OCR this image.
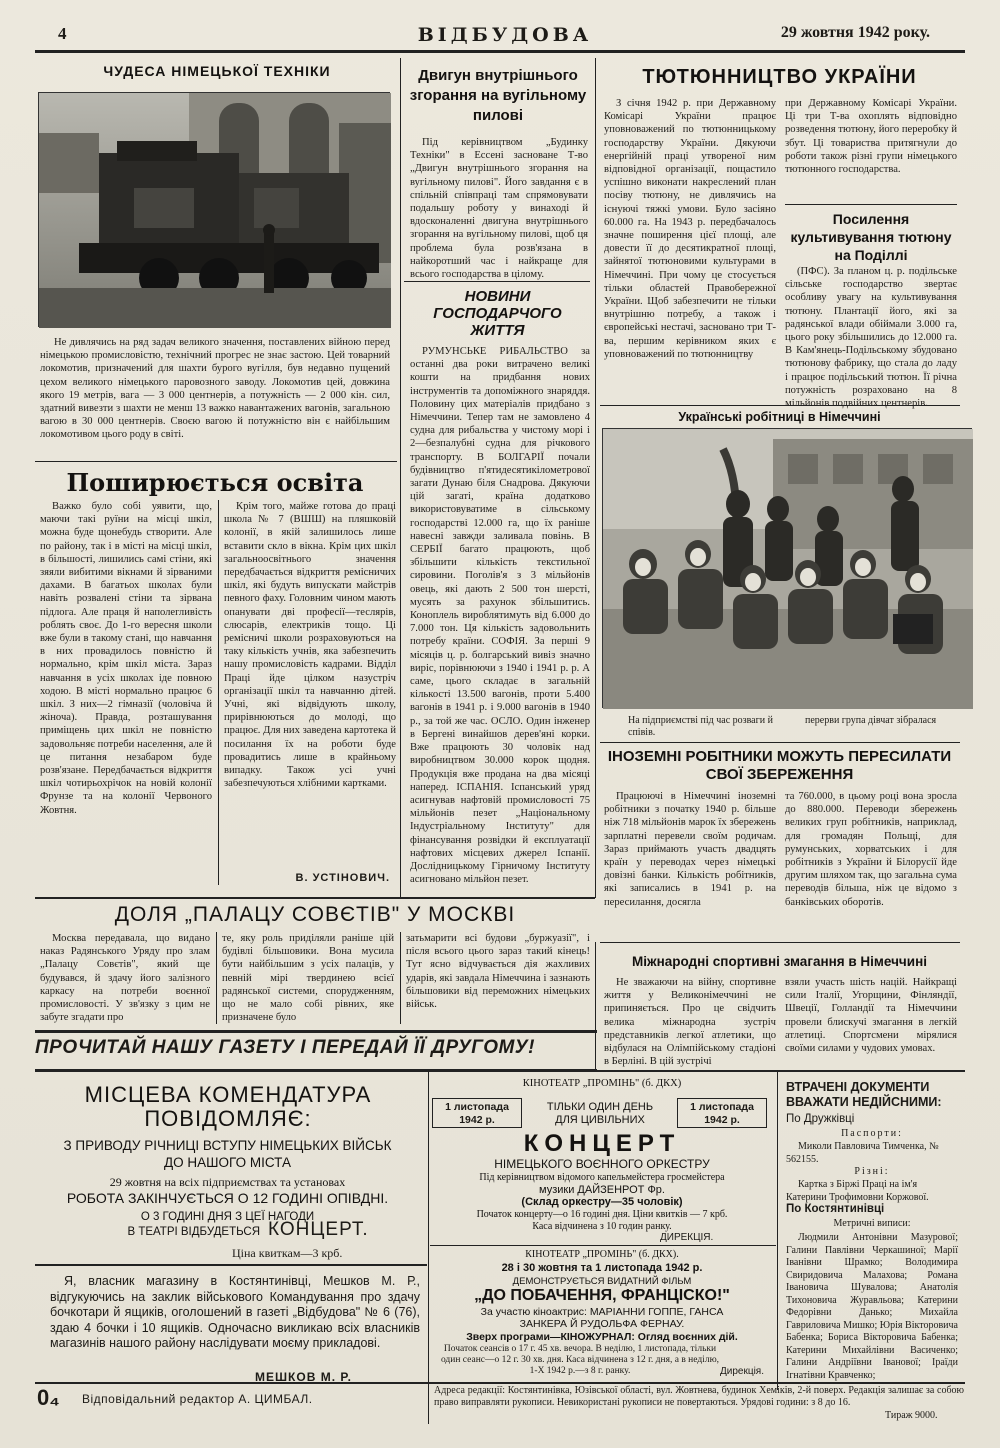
4	ВІДБУДОВА	29 жовтня 1942 року.
ЧУДЕСА НІМЕЦЬКОЇ ТЕХНІКИ
Не дивлячись на ряд задач великого значення, поставлених війною перед німецькою промисловістю, технічний прогрес не знає застою. Цей товарний локомотив, призначений для шахти бурого вугілля, був недавно пущений цехом великого німецького паровозного заводу. Локомотив цей, довжина якого 19 метрів, вага — 3 000 центнерів, а потужність — 2 000 кін. сил, здатний вивезти з шахти не менш 13 важко навантажених вагонів, загальною вагою в 30 000 центнерів. Своєю вагою й потужністю він є найбільшим локомотивом цього роду в світі.
Двигун внутрішнього згорання на вугільному пилові
Під керівництвом „Будинку Техніки" в Ессені засноване Т-во „Двигун внутрішнього згорання на вугільному пилові". Його завдання є в спільній співпраці там спрямовувати подальшу роботу у винаході й вдосконаленні двигуна внутрішнього згорання на вугільному пилові, щоб ця проблема була розв'язана в найкоротший час і найкраще для всього господарства в цілому.
НОВИНИ ГОСПОДАРЧОГО ЖИТТЯ
РУМУНСЬКЕ РИБАЛЬСТВО за останні два роки витрачено великі кошти на придбання нових інструментів та допоміжного знаряддя. Половину цих матеріалів придбано з Німеччини. Тепер там не замовлено 4 судна для рибальства у чистому морі і 2—безпалубні судна для річкового транспорту. В БОЛГАРІЇ почали будівництво п'ятидесятикілометрової загати Дунаю біля Снадрова. Дякуючи цій загаті, країна додатково використовуватиме в сільському господарстві 12.000 га, що їх раніше навесні завжди заливала повінь. В СЕРБІЇ багато працюють, щоб збільшити кількість текстильної сировини. Поголів'я з 3 мільйонів овець, які дають 2 500 тон шерсті, мусять за рахунок збільшитись. Коноплель вироблятимуть від 6.000 до 7.000 тон. Ця кількість задовольнить потребу країни. СОФІЯ. За перші 9 місяців ц. р. болгарський вивіз значно виріс, порівнюючи з 1940 і 1941 р. р. А саме, цього складає в загальній кількості 13.500 вагонів, проти 5.400 вагонів в 1941 р. і 9.000 вагонів в 1940 р., за той же час. ОСЛО. Один інженер в Бергені винайшов дерев'яні корки. Вже працюють 30 чоловік над виробництвом 30.000 корок щодня. Продукція вже продана на два місяці наперед. ІСПАНІЯ. Іспанський уряд асигнував нафтовій промисловості 75 мільйонів пезет „Національному Індустріальному Інституту" для фінансування розвідки й експлуатації нафтових місцевих джерел Іспанії. Дослідницькому Гірничому Інституту асигновано мільйон пезет.
ТЮТЮННИЦТВО УКРАЇНИ
З січня 1942 р. при Державному Комісарі України працює уповноважений по тютюнницькому господарству України. Дякуючи енергійній праці утвореної ним відповідної організації, пощастило успішно виконати накреслений план посіву тютюну, не дивлячись на існуючі тяжкі умови. Було засіяно 60.000 га. На 1943 р. передбачалось значне поширення цієї площі, але довести її до десятикратної площі, зайнятої тютюновими культурами в Німеччині. При чому це стосується тільки областей Правобережної України. Щоб забезпечити не тільки внутрішню потребу, а також і європейські нестачі, засновано три Т-ва, першим керівником яких є уповноважений по тютюнництву
при Державному Комісарі України. Ці три Т-ва охоплять відповідно розведення тютюну, його переробку й збут. Ці товариства притягнули до роботи також різні групи німецького тютюнного господарства.
Посилення культивування тютюну на Поділлі
(ПФС). За планом ц. р. подільське сільське господарство звертає особливу увагу на культивування тютюну. Плантації його, які за радянської влади обіймали 3.000 га, цього року збільшились до 12.000 га. В Кам'янець-Подільському збудовано тютюнову фабрику, що стала до ладу і працює подільський тютюн. Її річна потужність розраховано на 8 мільйонів подвійних центнерів.
Українські робітниці в Німеччині
На підприємстві під час розваги й співів.
перерви група дівчат зібралася
ІНОЗЕМНІ РОБІТНИКИ МОЖУТЬ ПЕРЕСИЛАТИ СВОЇ ЗБЕРЕЖЕННЯ
Працюючі в Німеччині іноземні робітники з початку 1940 р. більше ніж 718 мільйонів марок їх збережень зарплатні перевели своїм родичам. Зараз приймають участь двадцять країн у переводах через німецькі довізні банки. Кількість робітників, які записались в 1941 р. на пересилання, досягла
та 760.000, в цьому році вона зросла до 880.000. Переводи збережень великих груп робітників, наприклад, для громадян Польщі, для румунських, хорватських і для робітників з України й Білорусії йде другим шляхом так, що загальна сума переводів більша, ніж це відомо з банківських оборотів.
Міжнародні спортивні змагання в Німеччині
Не зважаючи на війну, спортивне життя у Великонімеччині не припиняється. Про це свідчить велика міжнародна зустріч представників легкої атлетики, що відбулася на Олімпійському стадіоні в Берліні. В цій зустрічі
взяли участь шість націй. Найкращі сили Італії, Угорщини, Фінляндії, Швеції, Голландії та Німеччини провели блискучі змагання в легкій атлетиці. Спортсмени мірялися своїми силами у чудових умовах.
Поширюється освіта
Важко було собі уявити, що, маючи такі руїни на місці шкіл, можна буде щонебудь створити. Але по району, так і в місті на місці шкіл, в більшості, лишились самі стіни, які зяяли вибитими вікнами й зірваними дахами. В багатьох школах були навіть розвалені стіни та зірвана підлога. Але праця й наполегливість роблять своє. До 1-го вересня школи вже були в такому стані, що навчання в них провадилось повністю й нормально, крім шкіл міста. Зараз навчання в усіх школах іде повною ходою. В місті нормально працює 6 шкіл. З них—2 гімназії (чоловіча й жіноча). Правда, розташування приміщень цих шкіл не повністю задовольняє потреби населення, але й це питання незабаром буде розв'язане. Передбачається відкриття шкіл чотирьохрічок на новій колонії Фрунзе та на колонії Червоного Жовтня.
Крім того, майже готова до праці школа № 7 (ВШШ) на пляшковій колонії, в якій залишилось лише вставити скло в вікна. Крім цих шкіл загальноосвітнього значення передбачається відкриття ремісничих шкіл, які будуть випускати майстрів певного фаху. Головним чином мають опанувати дві професії—теслярів, слюсарів, електриків тощо. Ці ремісничі школи розраховуються на таку кількість учнів, яка забезпечить нашу промисловість кадрами. Відділ Праці йде цілком назустріч організації шкіл та навчанню дітей. Учні, які відвідують школу, прирівнюються до молоді, що працює. Для них заведена картотека й посилання їх на роботи буде провадитись лише в крайньому випадку. Також усі учні забезпечуються хлібними картками.
В. УСТІНОВИЧ.
ДОЛЯ „ПАЛАЦУ СОВЄТІВ" У МОСКВІ
Москва передавала, що видано наказ Радянського Уряду про злам „Палацу Совєтів", який ще будувався, й здачу його залізного каркасу на потреби воєнної промисловості. У зв'язку з цим не забуте згадати про
те, яку роль приділяли раніше цій будівлі більшовики. Вона мусила бути найбільшим з усіх палаців, у певній мірі твердинею всієї радянської системи, спорудженням, що не мало собі рівних, яке призначене було
затьмарити всі будови „буржуазії", і після всього цього зараз такий кінець! Тут ясно відчувається дія жахливих ударів, які завдала Німеччина і зазнають більшовики від переможних німецьких військ.
ПРОЧИТАЙ НАШУ ГАЗЕТУ І ПЕРЕДАЙ ЇЇ ДРУГОМУ!
МІСЦЕВА КОМЕНДАТУРА
ПОВІДОМЛЯЄ:
З ПРИВОДУ РІЧНИЦІ ВСТУПУ НІМЕЦЬКИХ ВІЙСЬК
ДО НАШОГО МІСТА
29 жовтня на всіх підприємствах та установах
РОБОТА ЗАКІНЧУЄТЬСЯ О 12 ГОДИНІ ОПІВДНІ.
О 3 ГОДИНІ ДНЯ З ЦЕЇ НАГОДИ
В ТЕАТРІ ВІДБУДЕТЬСЯ КОНЦЕРТ.
Ціна квиткам—3 крб.
Я, власник магазину в Костянтинівці, Мешков М. Р., відгукуючись на заклик військового Командування про здачу бочкотари й ящиків, оголошений в газеті „Відбудова" № 6 (76), здаю 4 бочки і 10 ящиків. Одночасно викликаю всіх власників магазинів нашого району наслідувати моєму прикладові.
МЕШКОВ М. Р.
КІНОТЕАТР „ПРОМІНЬ" (б. ДКХ)
1 листопада
1942 р.
ТІЛЬКИ ОДИН ДЕНЬ
ДЛЯ ЦИВІЛЬНИХ
1 листопада
1942 р.
КОНЦЕРТ
НІМЕЦЬКОГО ВОЄННОГО ОРКЕСТРУ
Під керівництвом відомого капельмейстера гросмейстера
музики ДАЙЗЕНРОТ Фр.
(Склад оркестру—35 чоловік)
Початок концерту—о 16 годині дня. Ціни квитків — 7 крб.
Каса відчинена з 10 годин ранку.
ДИРЕКЦІЯ.
КІНОТЕАТР „ПРОМІНЬ" (б. ДКХ).
28 і 30 жовтня та 1 листопада 1942 р.
ДЕМОНСТРУЄТЬСЯ ВИДАТНИЙ ФІЛЬМ
„ДО ПОБАЧЕННЯ, ФРАНЦІСКО!"
За участю кіноактрис: МАРІАННИ ГОППЕ, ГАНСА
ЗАНКЕРА Й РУДОЛЬФА ФЕРНАУ.
Зверх програми—КІНОЖУРНАЛ: Огляд воєнних дій.
Початок сеансів о 17 г. 45 хв. вечора. В неділю, 1 листопада, тільки один сеанс—о 12 г. 30 хв. дня. Каса відчинена з 12 г. дня, а в неділю, 1-Х 1942 р.—з 8 г. ранку.	Дирекція.
ВТРАЧЕНІ ДОКУМЕНТИ ВВАЖАТИ НЕДІЙСНИМИ:
По Дружківці
Паспорти:
Миколи Павловича Тимченка, № 562155.
Різні:
Картка з Біржі Праці на ім'я Катерини Трофимовни Коржової.
По Костянтинівці
Метричні виписи:
Людмили Антонівни Мазурової; Галини Павлівни Черкашиної; Марії Іванівни Шрамко; Володимира Свиридовича Малахова; Романа Івановича Шувалова; Анатолія Тихоновича Журавльова; Катерини Федорівни Данько; Михайла Гавриловича Мишко; Юрія Вікторовича Бабенка; Бориса Вікторовича Бабенка; Катерини Михайлівни Васиченко; Галини Андріївни Іванової; Іраїди Ігнатівни Кравченко;
0₄ Відповідальний редактор А. ЦИМБАЛ.
Адреса редакції: Костянтинівка, Юзівської області, вул. Жовтнева, будинок Хеміків, 2-й поверх. Редакція залишає за собою право виправляти рукописи. Невикористані рукописи не повертаються. Урядові години: з 8 до 16.
Тираж 9000.
